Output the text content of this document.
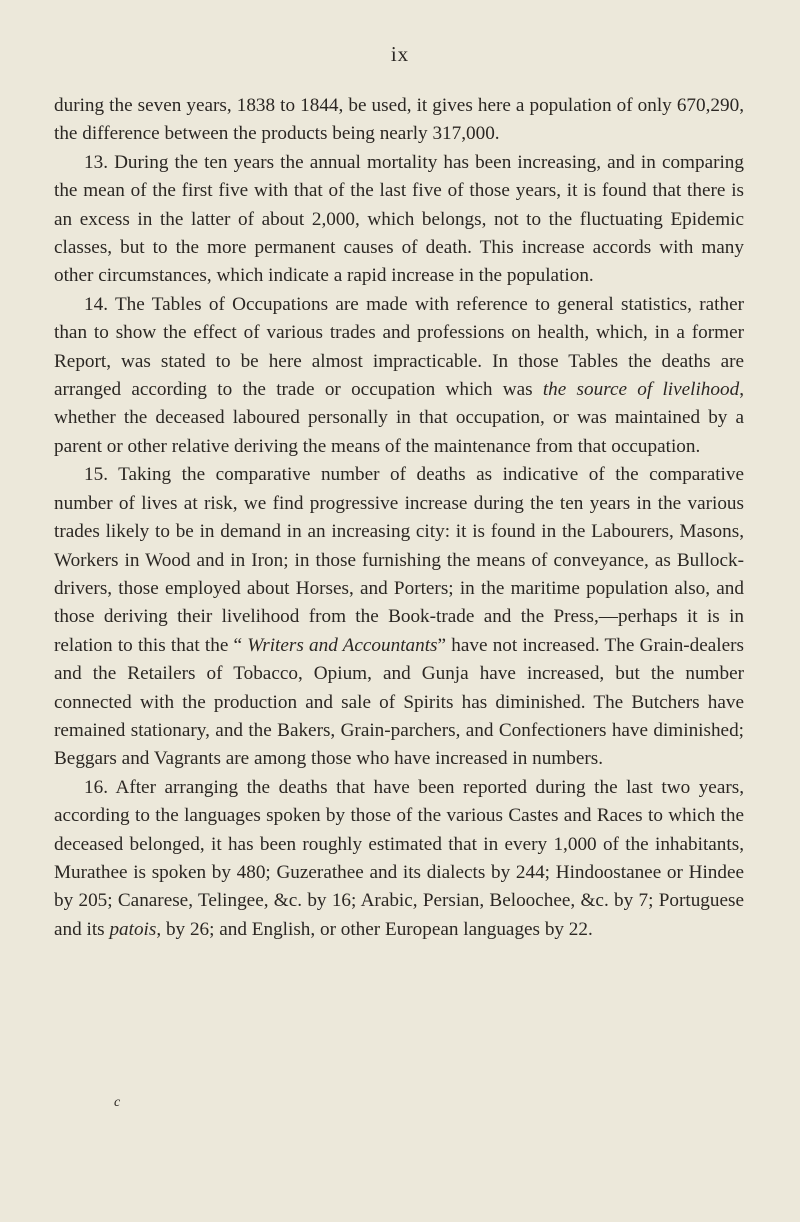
ix

during the seven years, 1838 to 1844, be used, it gives here a population of only 670,290, the difference between the products being nearly 317,000.

13. During the ten years the annual mortality has been increasing, and in comparing the mean of the first five with that of the last five of those years, it is found that there is an excess in the latter of about 2,000, which belongs, not to the fluctuating Epidemic classes, but to the more permanent causes of death. This increase accords with many other circumstances, which indicate a rapid increase in the population.

14. The Tables of Occupations are made with reference to general statistics, rather than to show the effect of various trades and professions on health, which, in a former Report, was stated to be here almost impracticable. In those Tables the deaths are arranged according to the trade or occupation which was the source of livelihood, whether the deceased laboured personally in that occupation, or was maintained by a parent or other relative deriving the means of the maintenance from that occupation.

15. Taking the comparative number of deaths as indicative of the comparative number of lives at risk, we find progressive increase during the ten years in the various trades likely to be in demand in an increasing city: it is found in the Labourers, Masons, Workers in Wood and in Iron; in those furnishing the means of conveyance, as Bullock-drivers, those employed about Horses, and Porters; in the maritime population also, and those deriving their livelihood from the Book-trade and the Press,—perhaps it is in relation to this that the “ Writers and Accountants” have not increased. The Grain-dealers and the Retailers of Tobacco, Opium, and Gunja have increased, but the number connected with the production and sale of Spirits has diminished. The Butchers have remained stationary, and the Bakers, Grain-parchers, and Confectioners have diminished; Beggars and Vagrants are among those who have increased in numbers.

16. After arranging the deaths that have been reported during the last two years, according to the languages spoken by those of the various Castes and Races to which the deceased belonged, it has been roughly estimated that in every 1,000 of the inhabitants, Murathee is spoken by 480; Guzerathee and its dialects by 244; Hindoostanee or Hindee by 205; Canarese, Telingee, &c. by 16; Arabic, Persian, Beloochee, &c. by 7; Portuguese and its patois, by 26; and English, or other European languages by 22.

c
